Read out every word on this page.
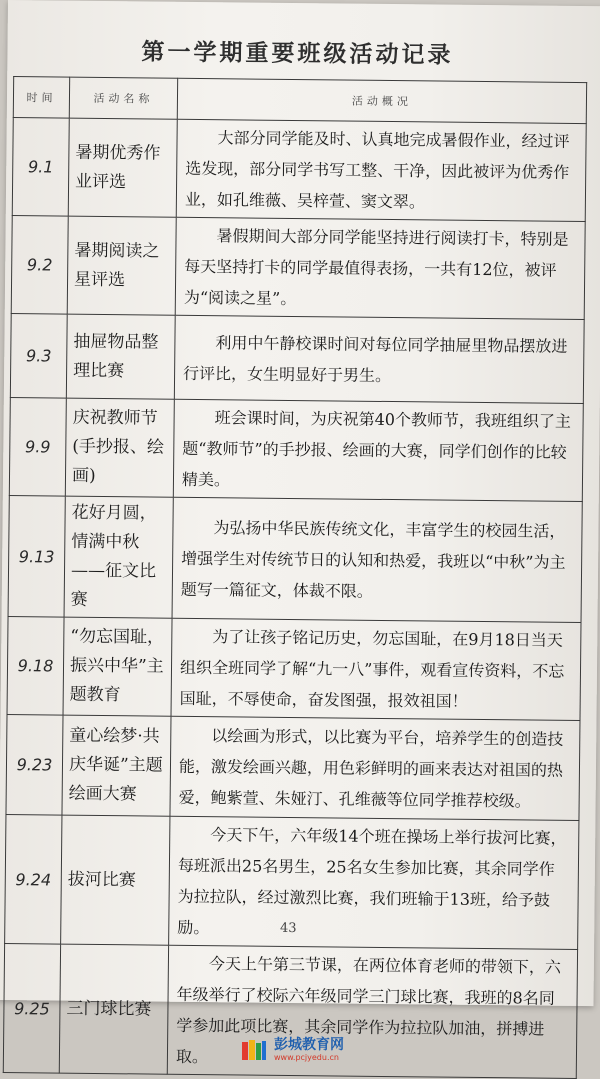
第一学期重要班级活动记录
时间	活动名称	活动概况
9.1	暑期优秀作业评选	大部分同学能及时、认真地完成暑假作业，经过评选发现，部分同学书写工整、干净，因此被评为优秀作业，如孔维薇、吴梓萱、窦文翠。
9.2	暑期阅读之星评选	暑假期间大部分同学能坚持进行阅读打卡，特别是每天坚持打卡的同学最值得表扬，一共有12位，被评为“阅读之星”。
9.3	抽屉物品整理比赛	利用中午静校课时间对每位同学抽屉里物品摆放进行评比，女生明显好于男生。
9.9	庆祝教师节(手抄报、绘画)	班会课时间，为庆祝第40个教师节，我班组织了主题“教师节”的手抄报、绘画的大赛，同学们创作的比较精美。
9.13	花好月圆，情满中秋——征文比赛	为弘扬中华民族传统文化，丰富学生的校园生活，增强学生对传统节日的认知和热爱，我班以“中秋”为主题写一篇征文，体裁不限。
9.18	“勿忘国耻，振兴中华”主题教育	为了让孩子铭记历史，勿忘国耻，在9月18日当天组织全班同学了解“九一八”事件，观看宣传资料，不忘国耻，不辱使命，奋发图强，报效祖国！
9.23	童心绘梦·共庆华诞”主题绘画大赛	以绘画为形式，以比赛为平台，培养学生的创造技能，激发绘画兴趣，用色彩鲜明的画来表达对祖国的热爱，鲍紫萱、朱娅汀、孔维薇等位同学推荐校级。
9.24	拔河比赛	今天下午，六年级14个班在操场上举行拔河比赛，每班派出25名男生，25名女生参加比赛，其余同学作为拉拉队，经过激烈比赛，我们班输于13班，给予鼓励。
9.25	三门球比赛	今天上午第三节课，在两位体育老师的带领下，六年级举行了校际六年级同学三门球比赛，我班的8名同学参加此项比赛，其余同学作为拉拉队加油，拼搏进取。
43
彭城教育网
www.pcjyedu.cn
